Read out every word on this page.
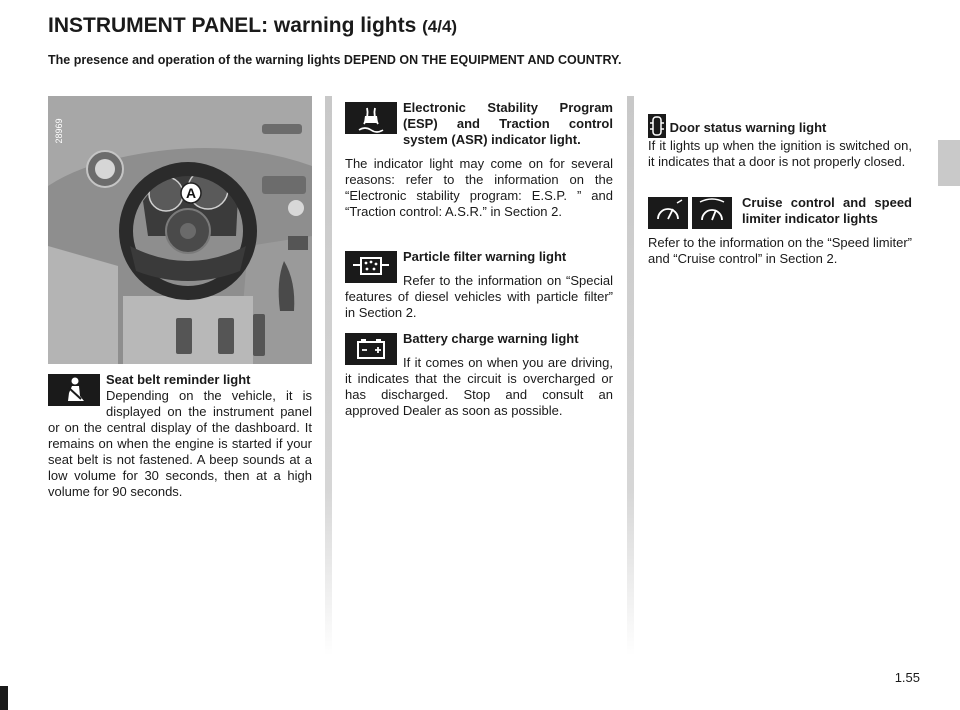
INSTRUMENT PANEL: warning lights (4/4)

The presence and operation of the warning lights DEPEND ON THE EQUIPMENT AND COUNTRY.

A
28969

Seat belt reminder light

Depending on the vehicle, it is displayed on the instrument panel or on the central display of the dashboard. It remains on when the engine is started if your seat belt is not fastened. A beep sounds at a low volume for 30 seconds, then at a high volume for 90 seconds.

Electronic Stability Program (ESP) and Traction control system (ASR) indicator light.

The indicator light may come on for several reasons: refer to the information on the “Electronic stability program: E.S.P. ” and “Traction control: A.S.R.” in Section 2.

Particle filter warning light

Refer to the information on “Special features of diesel vehicles with particle filter” in Section 2.

Battery charge warning light

If it comes on when you are driving, it indicates that the circuit is overcharged or has discharged. Stop and consult an approved Dealer as soon as possible.

Door status warning light

If it lights up when the ignition is switched on, it indicates that a door is not properly closed.

Cruise control and speed limiter indicator lights

Refer to the information on the “Speed limiter” and “Cruise control” in Section 2.

1.55
